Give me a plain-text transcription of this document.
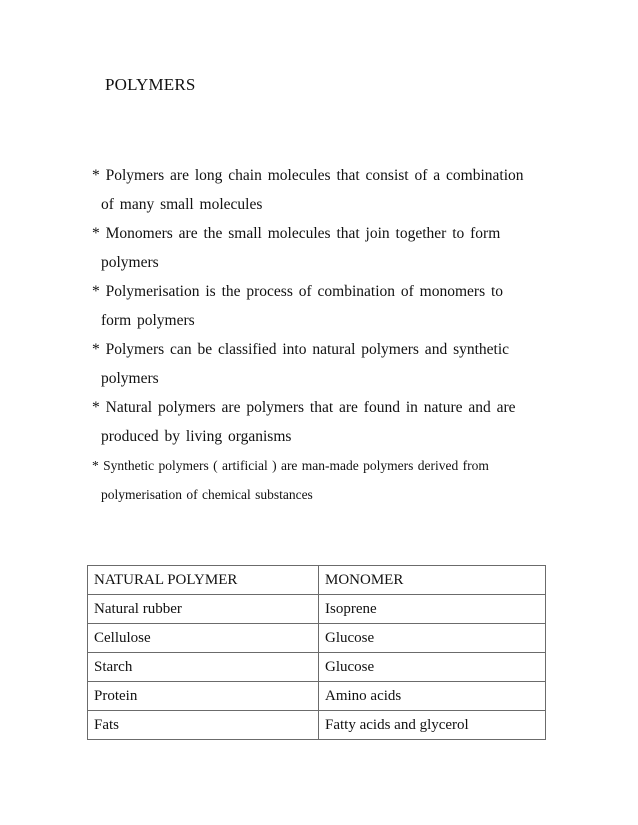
POLYMERS
* Polymers are long chain molecules that consist of a combination
of many small molecules
* Monomers are the small molecules that join together to form
polymers
* Polymerisation is the process of combination of monomers to
form polymers
* Polymers can be classified into natural polymers and synthetic
polymers
* Natural polymers are polymers that are found in nature and are
produced by living organisms
* Synthetic polymers ( artificial ) are man-made polymers derived from
polymerisation of chemical substances
NATURAL POLYMER	MONOMER
Natural rubber	Isoprene
Cellulose	Glucose
Starch	Glucose
Protein	Amino acids
Fats	Fatty acids and glycerol
